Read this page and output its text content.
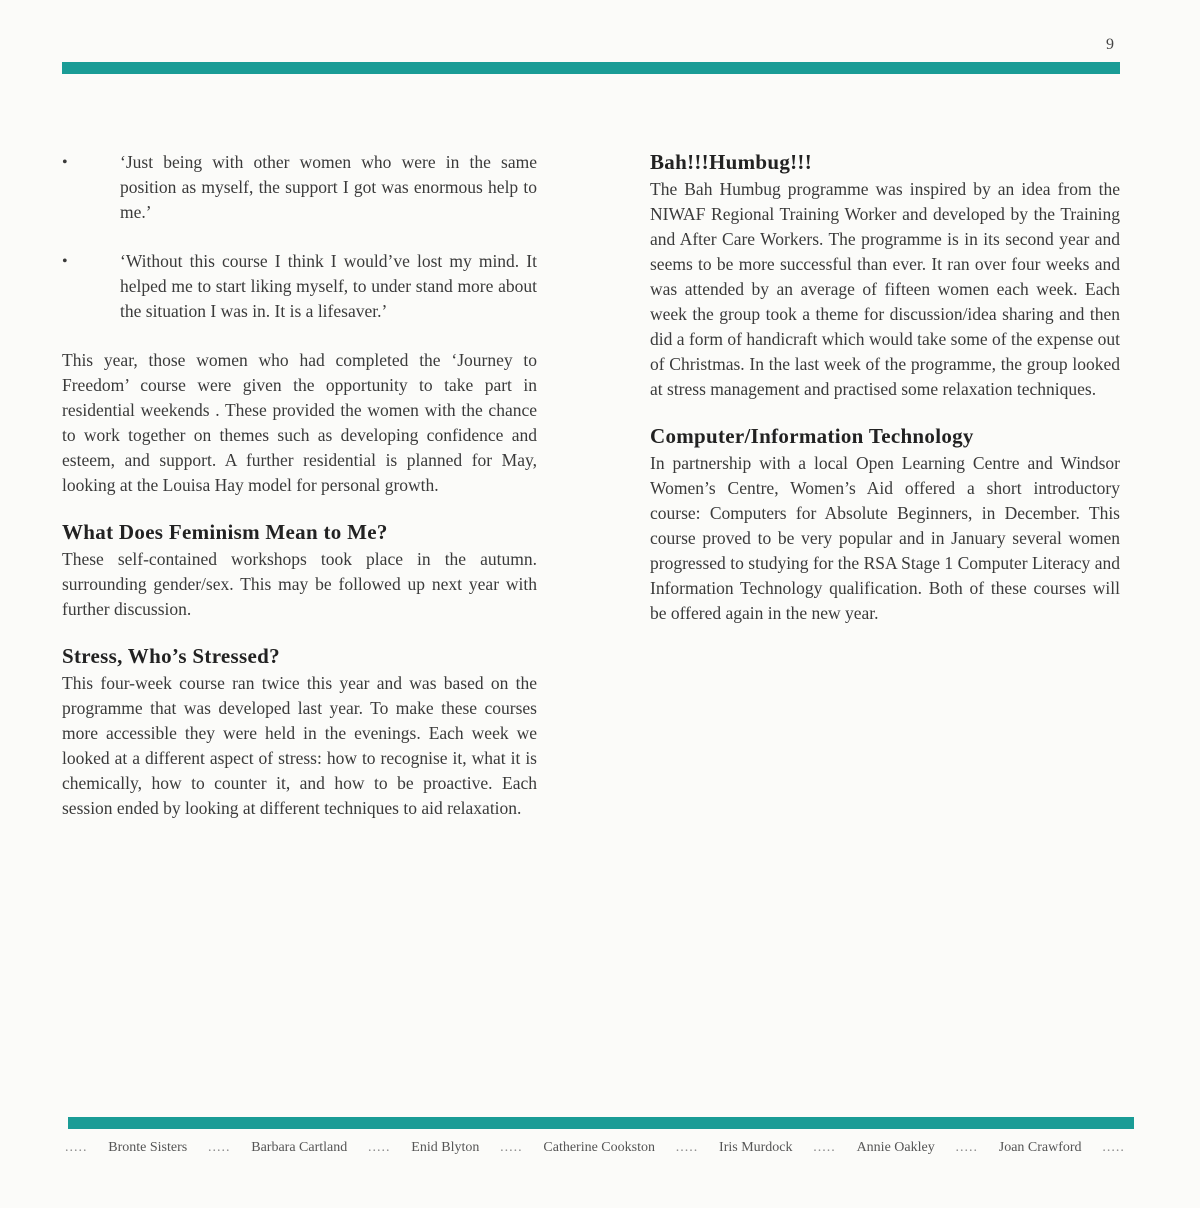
9
•	‘Just being with other women who were in the same position as myself, the support I got was enormous help to me.’

•	‘Without this course I think I would’ve lost my mind. It helped me to start liking myself, to under stand more about the situation I was in. It is a lifesaver.’

This year, those women who had completed the ‘Journey to Freedom’ course were given the opportunity to take part in residential weekends . These provided the women with the chance to work together on themes such as developing confidence and esteem, and support. A further residential is planned for May, looking at the Louisa Hay model for personal growth.

What Does Feminism Mean to Me?

These self-contained workshops took place in the autumn. surrounding gender/sex. This may be followed up next year with further discussion.

Stress, Who’s Stressed?

This four-week course ran twice this year and was based on the programme that was developed last year. To make these courses more accessible they were held in the evenings. Each week we looked at a different aspect of stress: how to recognise it, what it is chemically, how to counter it, and how to be proactive. Each session ended by looking at different techniques to aid relaxation.

Bah!!!Humbug!!!

The Bah Humbug programme was inspired by an idea from the NIWAF Regional Training Worker and developed by the Training and After Care Workers. The programme is in its second year and seems to be more successful than ever. It ran over four weeks and was attended by an average of fifteen women each week. Each week the group took a theme for discussion/idea sharing and then did a form of handicraft which would take some of the expense out of Christmas. In the last week of the programme, the group looked at stress management and practised some relaxation techniques.

Computer/Information Technology

In partnership with a local Open Learning Centre and Windsor Women’s Centre, Women’s Aid offered a short introductory course: Computers for Absolute Beginners, in December. This course proved to be very popular and in January several women progressed to studying for the RSA Stage 1 Computer Literacy and Information Technology qualification. Both of these courses will be offered again in the new year.

..... Bronte Sisters ..... Barbara Cartland ..... Enid Blyton ..... Catherine Cookston ..... Iris Murdock ..... Annie Oakley ..... Joan Crawford .....
